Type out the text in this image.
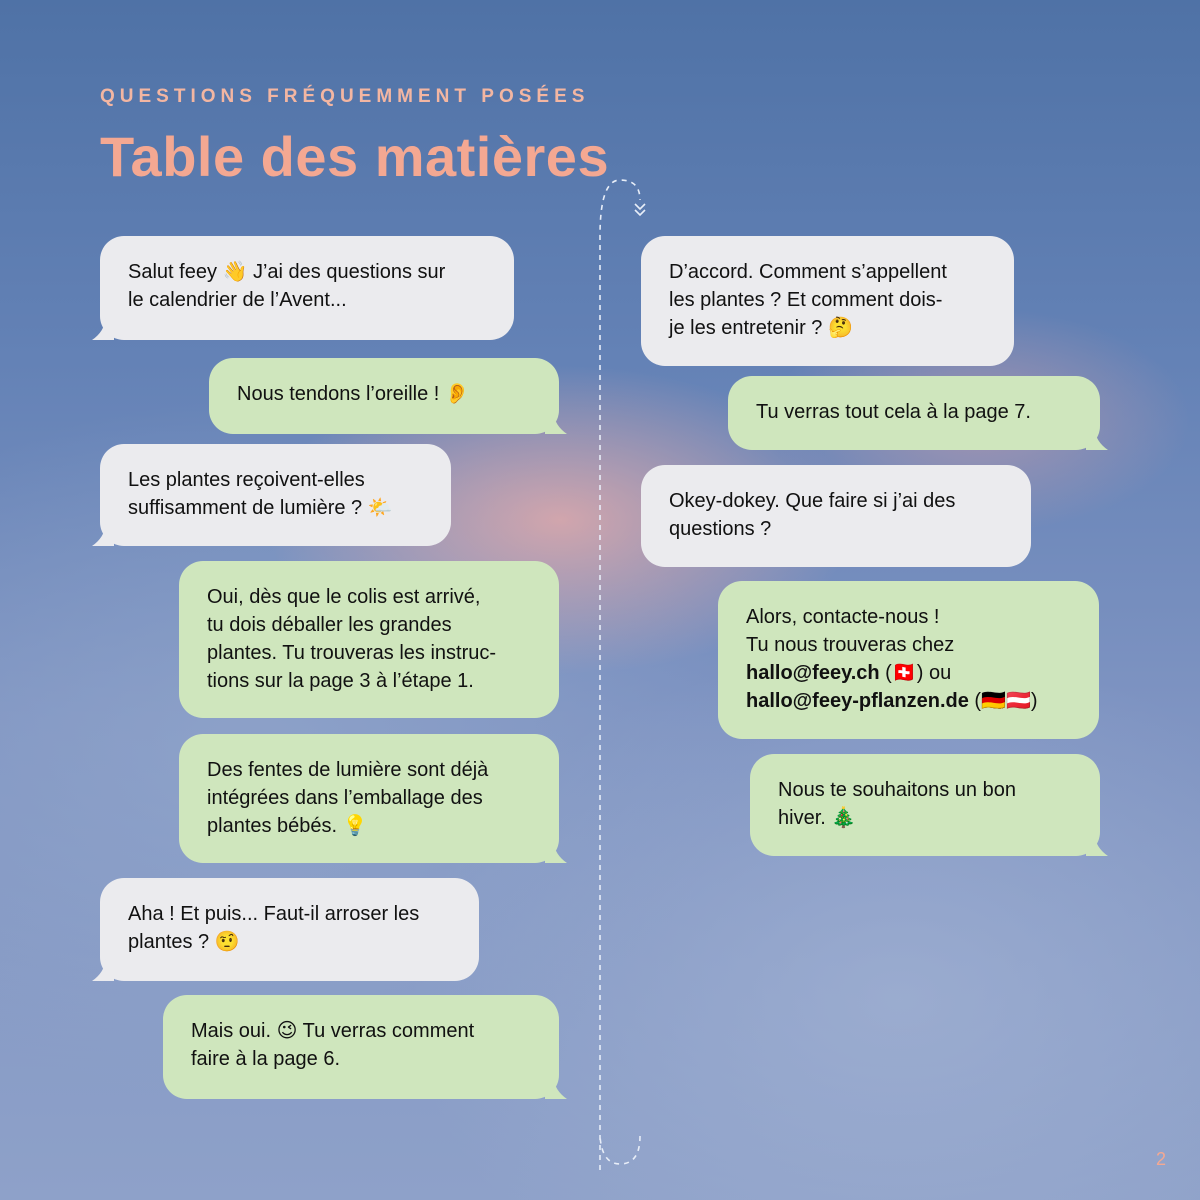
QUESTIONS FRÉQUEMMENT POSÉES
Table des matières
Salut feey 👋 J’ai des questions sur
le calendrier de l’Avent...
Nous tendons l’oreille ! 👂
Les plantes reçoivent-elles
suffisamment de lumière ? 🌤️
Oui, dès que le colis est arrivé,
tu dois déballer les grandes
plantes. Tu trouveras les instruc-
tions sur la page 3 à l’étape 1.
Des fentes de lumière sont déjà
intégrées dans l’emballage des
plantes bébés. 💡
Aha ! Et puis... Faut-il arroser les
plantes ? 🤨
Mais oui. 😉 Tu verras comment
faire à la page 6.
D’accord. Comment s’appellent
les plantes ? Et comment dois-
je les entretenir ? 🤔
Tu verras tout cela à la page 7.
Okey-dokey. Que faire si j’ai des
questions ?
Alors, contacte-nous !
Tu nous trouveras chez
hallo@feey.ch (🇨🇭) ou
hallo@feey-pflanzen.de (🇩🇪🇦🇹)
Nous te souhaitons un bon
hiver. 🎄
2
